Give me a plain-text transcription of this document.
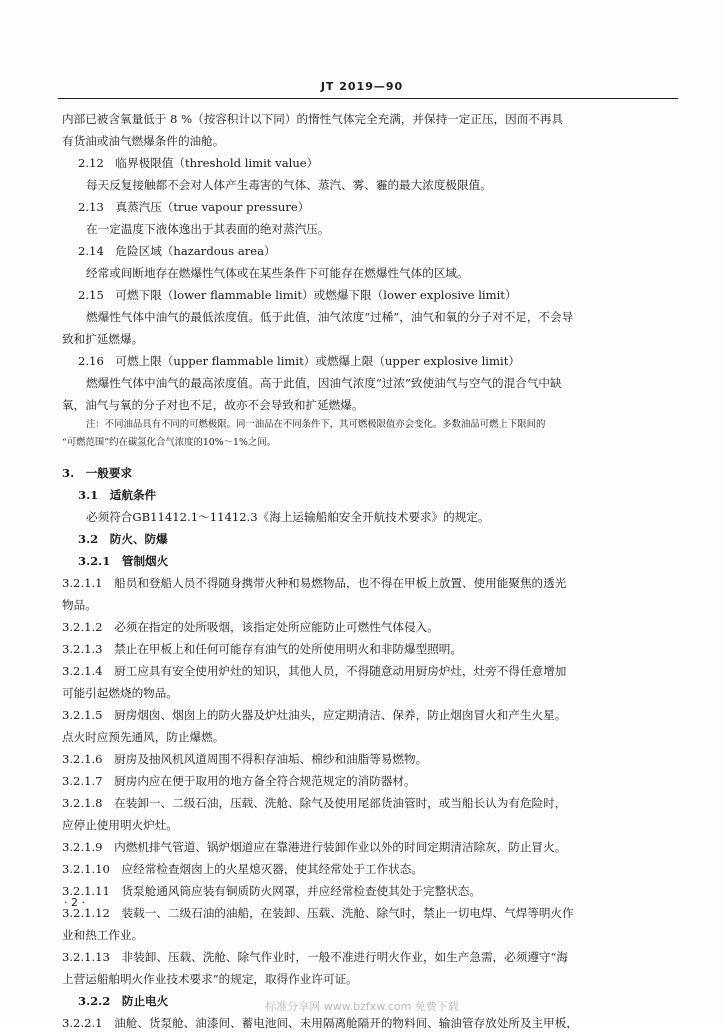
JT 2019—90
内部已被含氧量低于 8 %（按容积计以下同）的惰性气体完全充满，并保持一定正压，因而不再具
有货油或油气燃爆条件的油舱。
2.12　临界极限值（threshold limit value）
每天反复接触都不会对人体产生毒害的气体、蒸汽、雾、霾的最大浓度极限值。
2.13　真蒸汽压（true vapour pressure）
在一定温度下液体逸出于其表面的绝对蒸汽压。
2.14　危险区域（hazardous area）
经常或间断地存在燃爆性气体或在某些条件下可能存在燃爆性气体的区域。
2.15　可燃下限（lower flammable limit）或燃爆下限（lower explosive limit）
燃爆性气体中油气的最低浓度值。低于此值，油气浓度“过稀”，油气和氧的分子对不足，不会导
致和扩延燃爆。
2.16　可燃上限（upper flammable limit）或燃爆上限（upper explosive limit）
燃爆性气体中油气的最高浓度值。高于此值，因油气浓度“过浓”致使油气与空气的混合气中缺
氧，油气与氧的分子对也不足，故亦不会导致和扩延燃爆。
注：不同油品具有不同的可燃极限。同一油品在不同条件下，其可燃极限值亦会变化。多数油品可燃上下限间的
“可燃范围”约在碳氢化合气浓度的10%～1%之间。
3.　一般要求
3.1　适航条件
必须符合GB11412.1～11412.3《海上运输船舶安全开航技术要求》的规定。
3.2　防火、防爆
3.2.1　管制烟火
3.2.1.1　船员和登船人员不得随身携带火种和易燃物品，也不得在甲板上放置、使用能聚焦的透光
物品。
3.2.1.2　必须在指定的处所吸烟，该指定处所应能防止可燃性气体侵入。
3.2.1.3　禁止在甲板上和任何可能存有油气的处所使用明火和非防爆型照明。
3.2.1.4　厨工应具有安全使用炉灶的知识，其他人员，不得随意动用厨房炉灶，灶旁不得任意增加
可能引起燃烧的物品。
3.2.1.5　厨房烟囱、烟囱上的防火器及炉灶油头，应定期清洁、保养，防止烟囱冒火和产生火星。
点火时应预先通风，防止爆燃。
3.2.1.6　厨房及抽风机风道周围不得积存油垢、棉纱和油脂等易燃物。
3.2.1.7　厨房内应在便于取用的地方备全符合规范规定的消防器材。
3.2.1.8　在装卸一、二级石油，压载、洗舱、除气及使用尾部货油管时，或当船长认为有危险时，
应停止使用明火炉灶。
3.2.1.9　内燃机排气管道、锅炉烟道应在靠港进行装卸作业以外的时间定期清洁除灰，防止冒火。
3.2.1.10　应经常检查烟囱上的火星熄灭器，使其经常处于工作状态。
3.2.1.11　货泵舱通风筒应装有铜质防火网罩，并应经常检查使其处于完整状态。
3.2.1.12　装载一、二级石油的油船，在装卸、压载、洗舱、除气时，禁止一切电焊、气焊等明火作
业和热工作业。
3.2.1.13　非装卸、压载、洗舱、除气作业时，一般不准进行明火作业，如生产急需，必须遵守“海
上营运船舶明火作业技术要求”的规定，取得作业许可证。
3.2.2　防止电火
3.2.2.1　油舱、货泵舱、油漆间、蓄电池间、未用隔离舱隔开的物料间、输油管存放处所及主甲板，
· 2 ·
标准分享网 www.bzfxw.com 免费下载
